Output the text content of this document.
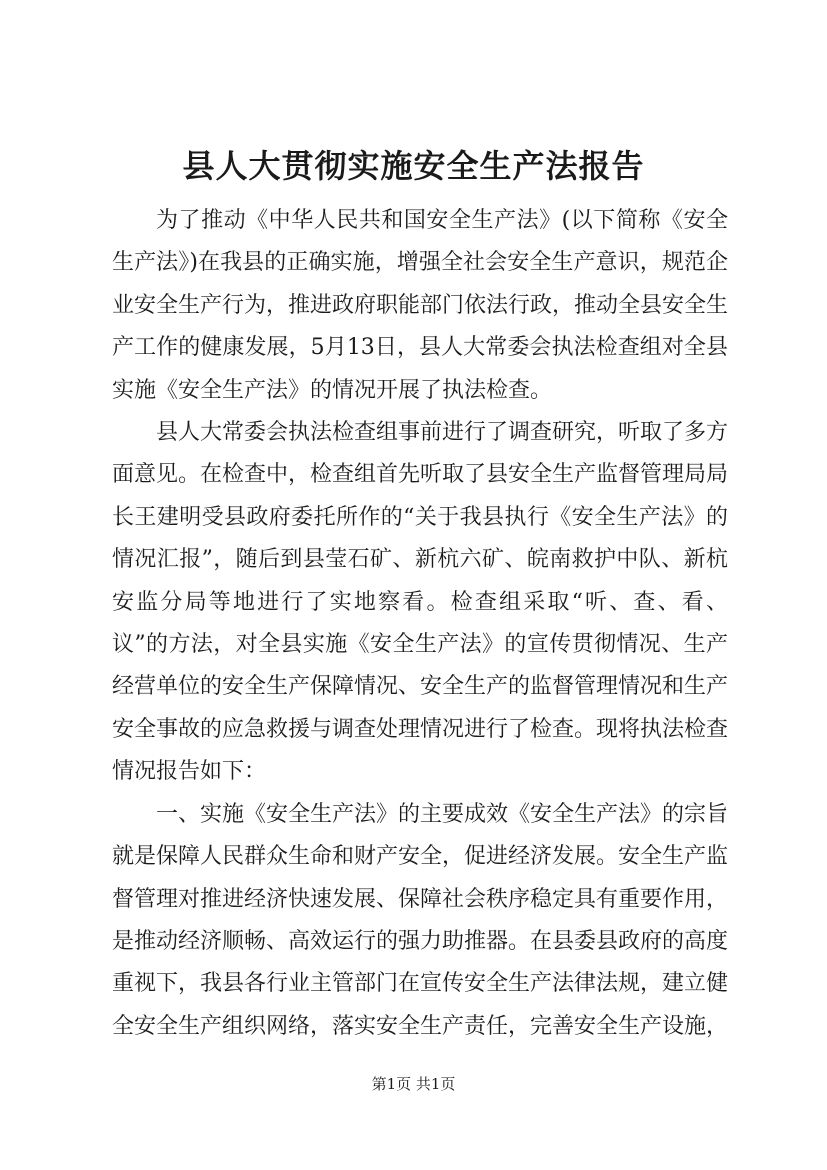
县人大贯彻实施安全生产法报告

为了推动《中华人民共和国安全生产法》(以下简称《安全生产法》)在我县的正确实施，增强全社会安全生产意识，规范企业安全生产行为，推进政府职能部门依法行政，推动全县安全生产工作的健康发展，5月13日，县人大常委会执法检查组对全县实施《安全生产法》的情况开展了执法检查。

县人大常委会执法检查组事前进行了调查研究，听取了多方面意见。在检查中，检查组首先听取了县安全生产监督管理局局长王建明受县政府委托所作的“关于我县执行《安全生产法》的情况汇报”，随后到县莹石矿、新杭六矿、皖南救护中队、新杭安监分局等地进行了实地察看。检查组采取“听、查、看、议”的方法，对全县实施《安全生产法》的宣传贯彻情况、生产经营单位的安全生产保障情况、安全生产的监督管理情况和生产安全事故的应急救援与调查处理情况进行了检查。现将执法检查情况报告如下：

一、实施《安全生产法》的主要成效《安全生产法》的宗旨就是保障人民群众生命和财产安全，促进经济发展。安全生产监督管理对推进经济快速发展、保障社会秩序稳定具有重要作用，是推动经济顺畅、高效运行的强力助推器。在县委县政府的高度重视下，我县各行业主管部门在宣传安全生产法律法规，建立健全安全生产组织网络，落实安全生产责任，完善安全生产设施，

第1页 共1页
